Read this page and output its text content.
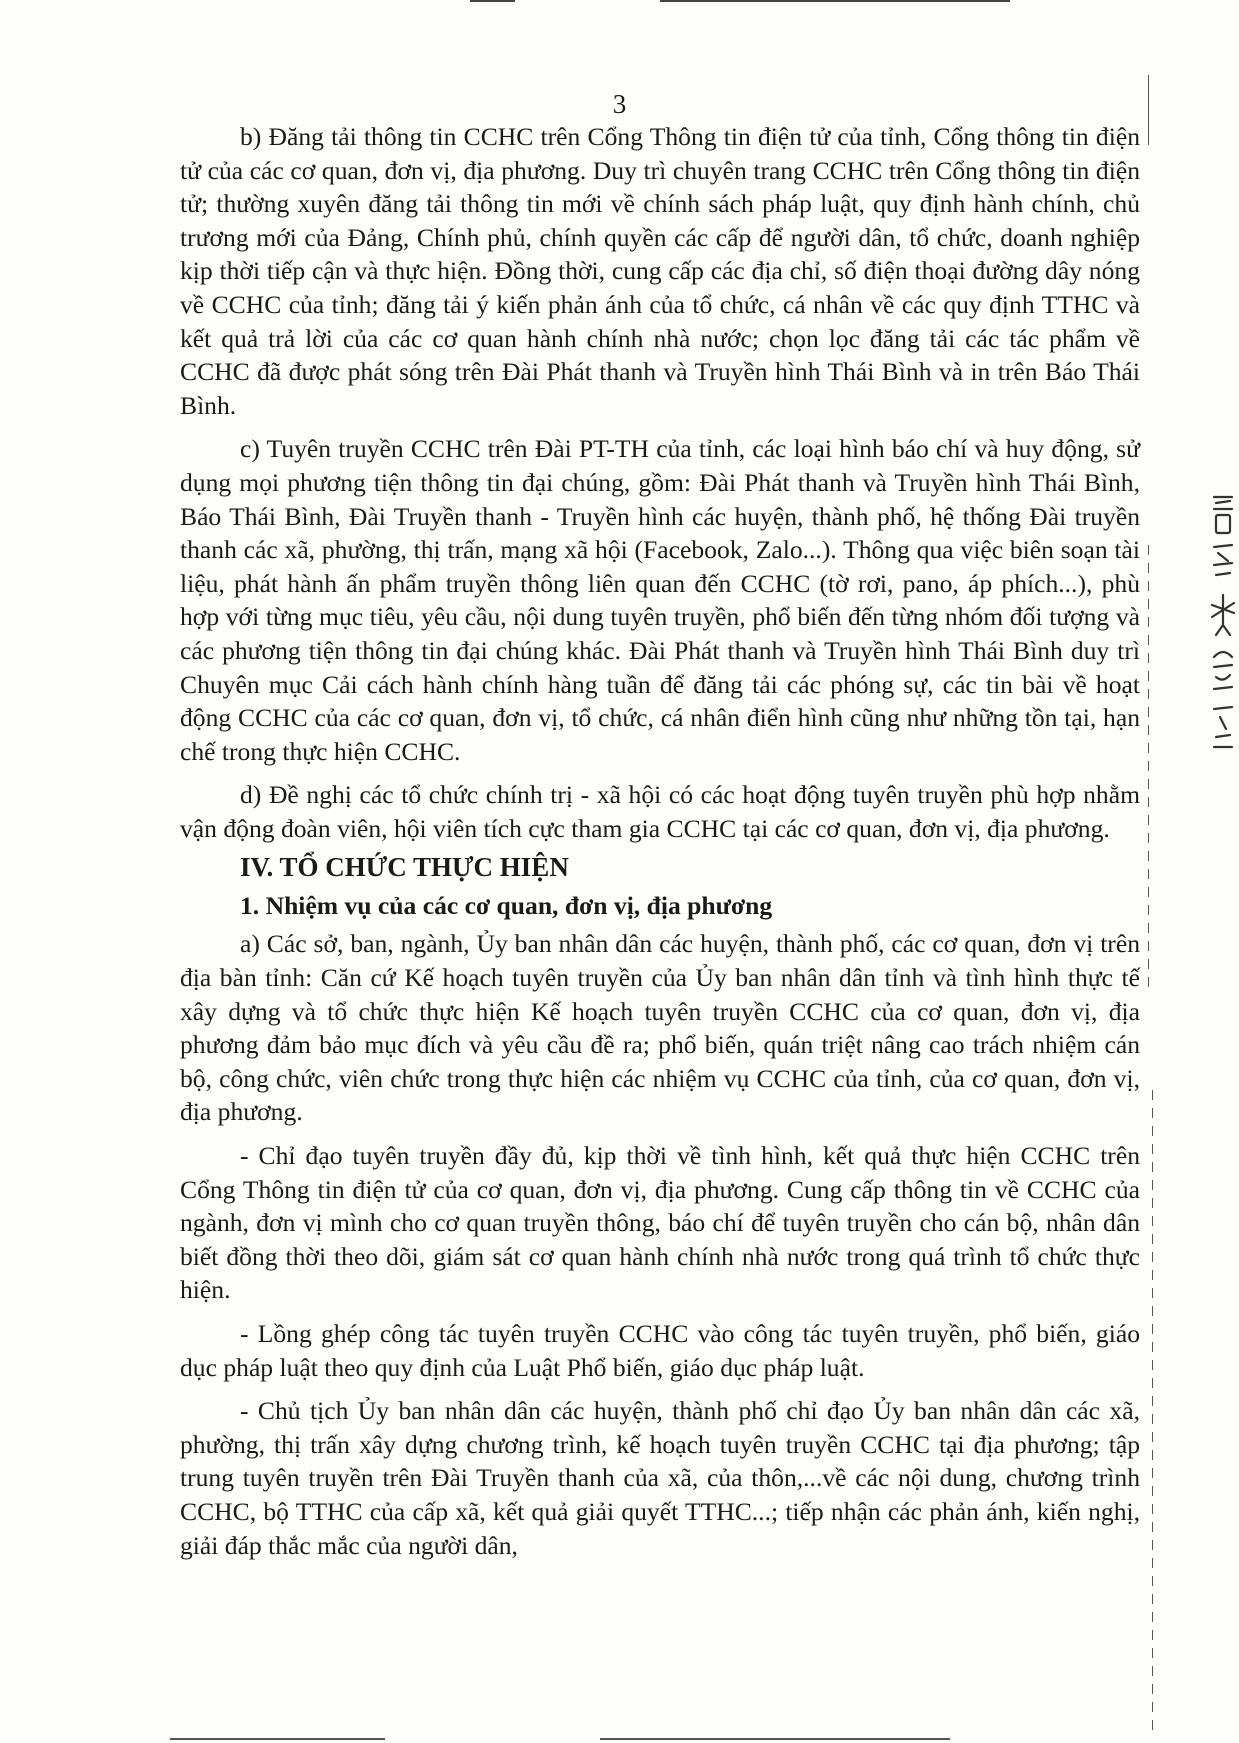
3

b) Đăng tải thông tin CCHC trên Cổng Thông tin điện tử của tỉnh, Cổng thông tin điện tử của các cơ quan, đơn vị, địa phương. Duy trì chuyên trang CCHC trên Cổng thông tin điện tử; thường xuyên đăng tải thông tin mới về chính sách pháp luật, quy định hành chính, chủ trương mới của Đảng, Chính phủ, chính quyền các cấp để người dân, tổ chức, doanh nghiệp kịp thời tiếp cận và thực hiện. Đồng thời, cung cấp các địa chỉ, số điện thoại đường dây nóng về CCHC của tỉnh; đăng tải ý kiến phản ánh của tổ chức, cá nhân về các quy định TTHC và kết quả trả lời của các cơ quan hành chính nhà nước; chọn lọc đăng tải các tác phẩm về CCHC đã được phát sóng trên Đài Phát thanh và Truyền hình Thái Bình và in trên Báo Thái Bình.

c) Tuyên truyền CCHC trên Đài PT-TH của tỉnh, các loại hình báo chí và huy động, sử dụng mọi phương tiện thông tin đại chúng, gồm: Đài Phát thanh và Truyền hình Thái Bình, Báo Thái Bình, Đài Truyền thanh - Truyền hình các huyện, thành phố, hệ thống Đài truyền thanh các xã, phường, thị trấn, mạng xã hội (Facebook, Zalo...). Thông qua việc biên soạn tài liệu, phát hành ấn phẩm truyền thông liên quan đến CCHC (tờ rơi, pano, áp phích...), phù hợp với từng mục tiêu, yêu cầu, nội dung tuyên truyền, phổ biến đến từng nhóm đối tượng và các phương tiện thông tin đại chúng khác. Đài Phát thanh và Truyền hình Thái Bình duy trì Chuyên mục Cải cách hành chính hàng tuần để đăng tải các phóng sự, các tin bài về hoạt động CCHC của các cơ quan, đơn vị, tổ chức, cá nhân điển hình cũng như những tồn tại, hạn chế trong thực hiện CCHC.

d) Đề nghị các tổ chức chính trị - xã hội có các hoạt động tuyên truyền phù hợp nhằm vận động đoàn viên, hội viên tích cực tham gia CCHC tại các cơ quan, đơn vị, địa phương.

IV. TỔ CHỨC THỰC HIỆN
1. Nhiệm vụ của các cơ quan, đơn vị, địa phương

a) Các sở, ban, ngành, Ủy ban nhân dân các huyện, thành phố, các cơ quan, đơn vị trên địa bàn tỉnh: Căn cứ Kế hoạch tuyên truyền của Ủy ban nhân dân tỉnh và tình hình thực tế xây dựng và tổ chức thực hiện Kế hoạch tuyên truyền CCHC của cơ quan, đơn vị, địa phương đảm bảo mục đích và yêu cầu đề ra; phổ biến, quán triệt nâng cao trách nhiệm cán bộ, công chức, viên chức trong thực hiện các nhiệm vụ CCHC của tỉnh, của cơ quan, đơn vị, địa phương.

- Chỉ đạo tuyên truyền đầy đủ, kịp thời về tình hình, kết quả thực hiện CCHC trên Cổng Thông tin điện tử của cơ quan, đơn vị, địa phương. Cung cấp thông tin về CCHC của ngành, đơn vị mình cho cơ quan truyền thông, báo chí để tuyên truyền cho cán bộ, nhân dân biết đồng thời theo dõi, giám sát cơ quan hành chính nhà nước trong quá trình tổ chức thực hiện.

- Lồng ghép công tác tuyên truyền CCHC vào công tác tuyên truyền, phổ biến, giáo dục pháp luật theo quy định của Luật Phổ biến, giáo dục pháp luật.

- Chủ tịch Ủy ban nhân dân các huyện, thành phố chỉ đạo Ủy ban nhân dân các xã, phường, thị trấn xây dựng chương trình, kế hoạch tuyên truyền CCHC tại địa phương; tập trung tuyên truyền trên Đài Truyền thanh của xã, của thôn,...về các nội dung, chương trình CCHC, bộ TTHC của cấp xã, kết quả giải quyết TTHC...; tiếp nhận các phản ánh, kiến nghị, giải đáp thắc mắc của người dân,
